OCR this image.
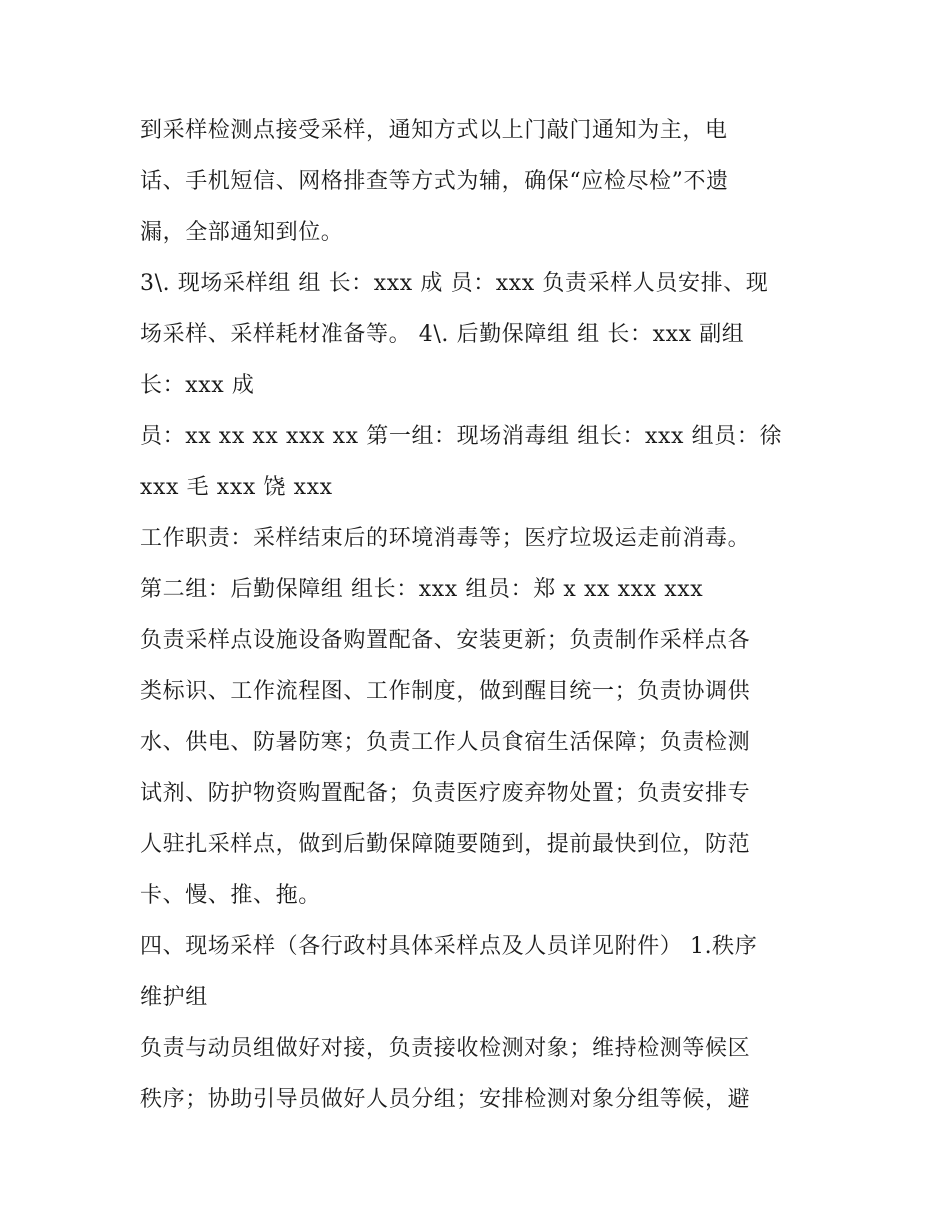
到采样检测点接受采样，通知方式以上门敲门通知为主，电
话、手机短信、网格排查等方式为辅，确保“应检尽检”不遗
漏，全部通知到位。
3\. 现场采样组 组 长：xxx 成 员：xxx 负责采样人员安排、现
场采样、采样耗材准备等。 4\. 后勤保障组 组 长：xxx 副组
长：xxx 成
员：xx xx xx xxx xx 第一组：现场消毒组 组长：xxx 组员：徐
xxx 毛 xxx 饶 xxx
工作职责：采样结束后的环境消毒等；医疗垃圾运走前消毒。
第二组：后勤保障组 组长：xxx 组员：郑 x xx xxx xxx
负责采样点设施设备购置配备、安装更新；负责制作采样点各
类标识、工作流程图、工作制度，做到醒目统一；负责协调供
水、供电、防暑防寒；负责工作人员食宿生活保障；负责检测
试剂、防护物资购置配备；负责医疗废弃物处置；负责安排专
人驻扎采样点，做到后勤保障随要随到，提前最快到位，防范
卡、慢、推、拖。
四、现场采样（各行政村具体采样点及人员详见附件） 1.秩序
维护组
负责与动员组做好对接，负责接收检测对象；维持检测等候区
秩序；协助引导员做好人员分组；安排检测对象分组等候，避
